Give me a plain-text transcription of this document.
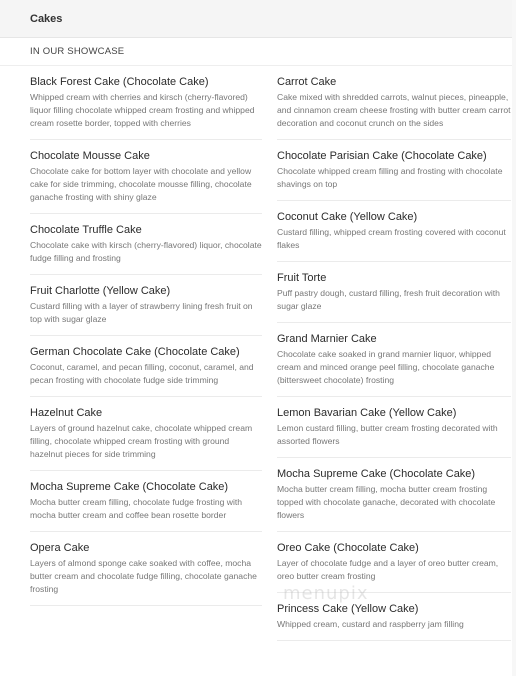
Cakes
IN OUR SHOWCASE
Black Forest Cake (Chocolate Cake)
Whipped cream with cherries and kirsch (cherry-flavored) liquor filling chocolate whipped cream frosting and whipped cream rosette border, topped with cherries
Chocolate Mousse Cake
Chocolate cake for bottom layer with chocolate and yellow cake for side trimming, chocolate mousse filling, chocolate ganache frosting with shiny glaze
Chocolate Truffle Cake
Chocolate cake with kirsch (cherry-flavored) liquor, chocolate fudge filling and frosting
Fruit Charlotte (Yellow Cake)
Custard filling with a layer of strawberry lining fresh fruit on top with sugar glaze
German Chocolate Cake (Chocolate Cake)
Coconut, caramel, and pecan filling, coconut, caramel, and pecan frosting with chocolate fudge side trimming
Hazelnut Cake
Layers of ground hazelnut cake, chocolate whipped cream filling, chocolate whipped cream frosting with ground hazelnut pieces for side trimming
Mocha Supreme Cake (Chocolate Cake)
Mocha butter cream filling, chocolate fudge frosting with mocha butter cream and coffee bean rosette border
Opera Cake
Layers of almond sponge cake soaked with coffee, mocha butter cream and chocolate fudge filling, chocolate ganache frosting
Carrot Cake
Cake mixed with shredded carrots, walnut pieces, pineapple, and cinnamon cream cheese frosting with butter cream carrot decoration and coconut crunch on the sides
Chocolate Parisian Cake (Chocolate Cake)
Chocolate whipped cream filling and frosting with chocolate shavings on top
Coconut Cake (Yellow Cake)
Custard filling, whipped cream frosting covered with coconut flakes
Fruit Torte
Puff pastry dough, custard filling, fresh fruit decoration with sugar glaze
Grand Marnier Cake
Chocolate cake soaked in grand marnier liquor, whipped cream and minced orange peel filling, chocolate ganache (bittersweet chocolate) frosting
Lemon Bavarian Cake (Yellow Cake)
Lemon custard filling, butter cream frosting decorated with assorted flowers
Mocha Supreme Cake (Chocolate Cake)
Mocha butter cream filling, mocha butter cream frosting topped with chocolate ganache, decorated with chocolate flowers
Oreo Cake (Chocolate Cake)
Layer of chocolate fudge and a layer of oreo butter cream, oreo butter cream frosting
Princess Cake (Yellow Cake)
Whipped cream, custard and raspberry jam filling
menupix
